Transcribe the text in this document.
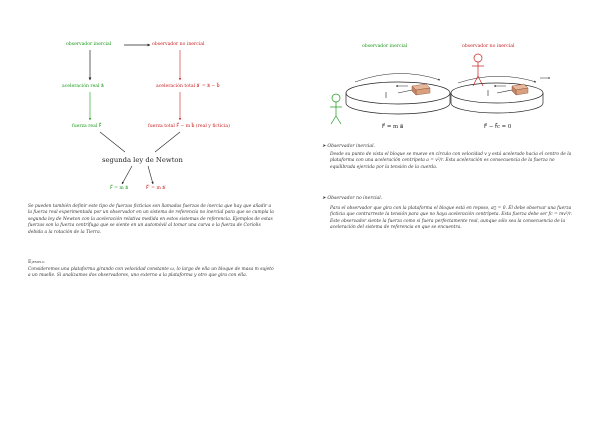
observador inercial	observador no inercial
aceleración real a⃗	aceleración total a⃗′ = a⃗ − b⃗
fuerza real F⃗	fuerza total F⃗ − m b⃗ (real y ficticia)
segunda ley de Newton
F⃗ = m a⃗	F⃗′ = m a⃗′
Se pueden también definir este tipo de fuerzas ficticias son llamadas fuerzas de inercia que hay que añadir a la fuerza real experimentada por un observador en un sistema de referencia no inercial para que se cumpla la segunda ley de Newton con la aceleración relativa medida en estos sistemas de referencia. Ejemplos de estas fuerzas son la fuerza centrífuga que se siente en un automóvil al tomar una curva o la fuerza de Coriolis debida a la rotación de la Tierra.
Ejemplo
Consideremos una plataforma girando con velocidad constante ω, lo largo de ella un bloque de masa m sujeto a un muelle. Si analizamos dos observadores, uno externo a la plataforma y otro que gira con ella.
observador inercial	observador no inercial
F⃗ = m a⃗	F⃗ − f⃗c = 0
➤ Observador inercial.
Desde su punto de vista el bloque se mueve en círculo con velocidad v y está acelerado hacia el centro de la plataforma con una aceleración centrípeta a = v²/r. Esta aceleración es consecuencia de la fuerza no equilibrada ejercida por la tensión de la cuerda.
➤ Observador no inercial.
Para el observador que gira con la plataforma el bloque está en reposo, a⃗ = 0. Él debe observar una fuerza ficticia que contrarreste la tensión para que no haya aceleración centrípeta. Esta fuerza debe ser fc = mv²/r. Este observador siente la fuerza como si fuera perfectamente real, aunque sólo sea la consecuencia de la aceleración del sistema de referencia en que se encuentra.
